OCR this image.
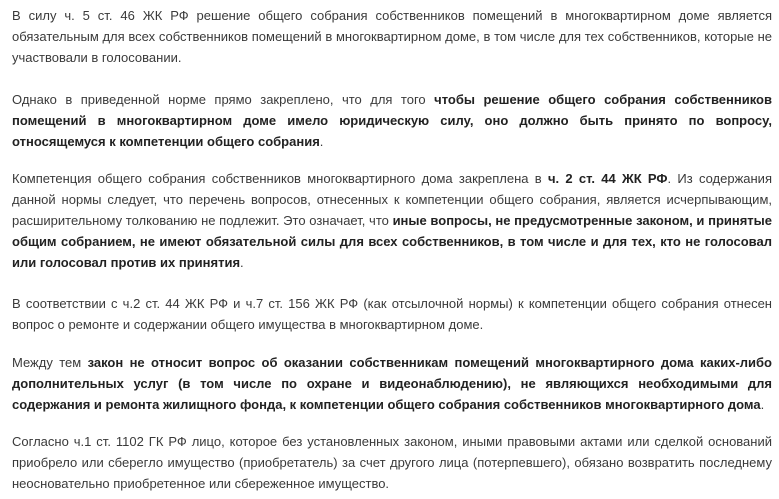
В силу ч. 5 ст. 46 ЖК РФ решение общего собрания собственников помещений в многоквартирном доме является обязательным для всех собственников помещений в многоквартирном доме, в том числе для тех собственников, которые не участвовали в голосовании.

Однако в приведенной норме прямо закреплено, что для того чтобы решение общего собрания собственников помещений в многоквартирном доме имело юридическую силу, оно должно быть принято по вопросу, относящемуся к компетенции общего собрания.

Компетенция общего собрания собственников многоквартирного дома закреплена в ч. 2 ст. 44 ЖК РФ. Из содержания данной нормы следует, что перечень вопросов, отнесенных к компетенции общего собрания, является исчерпывающим, расширительному толкованию не подлежит. Это означает, что иные вопросы, не предусмотренные законом, и принятые общим собранием, не имеют обязательной силы для всех собственников, в том числе и для тех, кто не голосовал или голосовал против их принятия.

В соответствии с ч.2 ст. 44 ЖК РФ и ч.7 ст. 156 ЖК РФ (как отсылочной нормы) к компетенции общего собрания отнесен вопрос о ремонте и содержании общего имущества в многоквартирном доме.

Между тем закон не относит вопрос об оказании собственникам помещений многоквартирного дома каких-либо дополнительных услуг (в том числе по охране и видеонаблюдению), не являющихся необходимыми для содержания и ремонта жилищного фонда, к компетенции общего собрания собственников многоквартирного дома.

Согласно ч.1 ст. 1102 ГК РФ лицо, которое без установленных законом, иными правовыми актами или сделкой оснований приобрело или сберегло имущество (приобретатель) за счет другого лица (потерпевшего), обязано возвратить последнему неосновательно приобретенное или сбереженное имущество.
